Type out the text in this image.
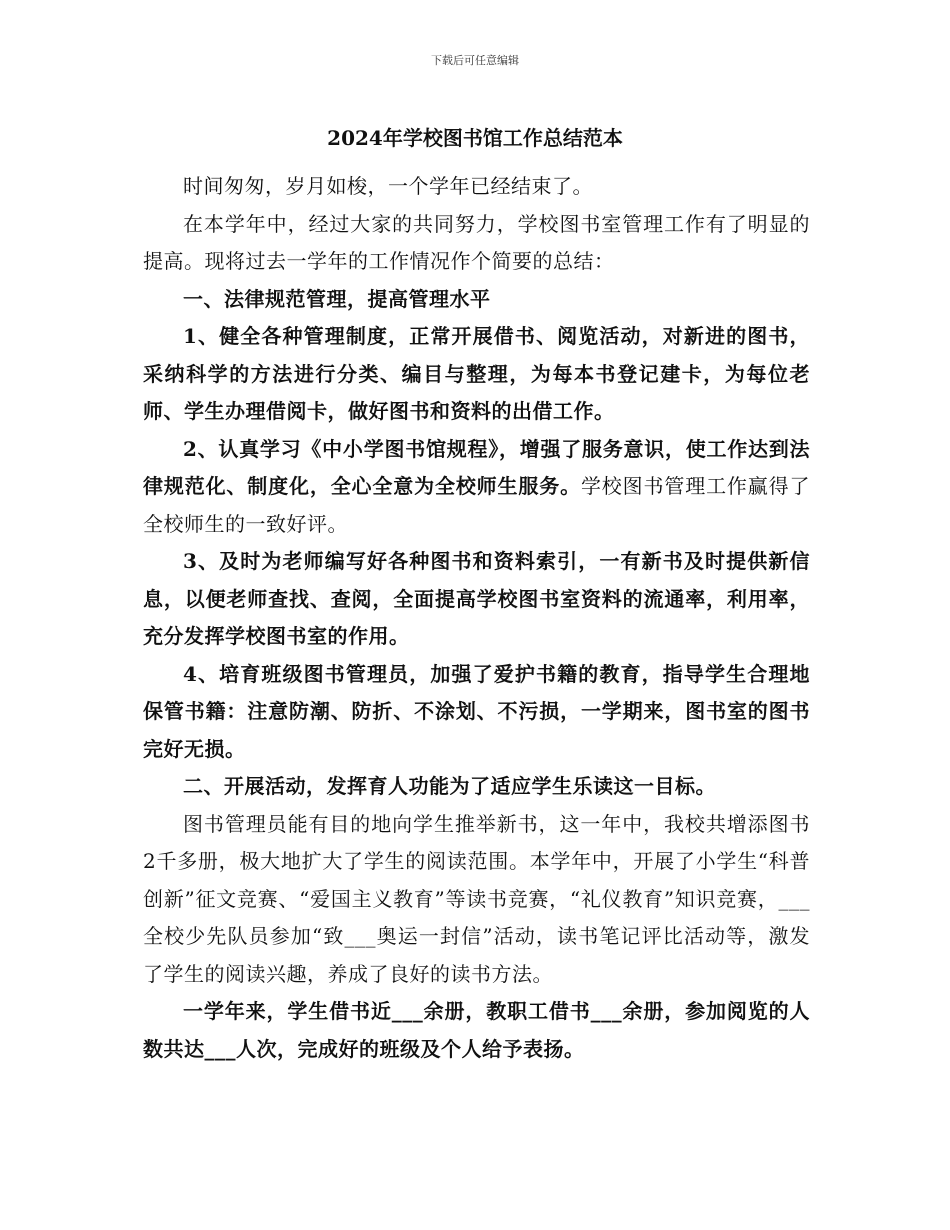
下载后可任意编辑
2024年学校图书馆工作总结范本

时间匆匆，岁月如梭，一个学年已经结束了。

在本学年中，经过大家的共同努力，学校图书室管理工作有了明显的提高。现将过去一学年的工作情况作个简要的总结：

一、法律规范管理，提高管理水平

1、健全各种管理制度，正常开展借书、阅览活动，对新进的图书，采纳科学的方法进行分类、编目与整理，为每本书登记建卡，为每位老师、学生办理借阅卡，做好图书和资料的出借工作。

2、认真学习《中小学图书馆规程》，增强了服务意识，使工作达到法律规范化、制度化，全心全意为全校师生服务。学校图书管理工作赢得了全校师生的一致好评。

3、及时为老师编写好各种图书和资料索引，一有新书及时提供新信息，以便老师查找、查阅，全面提高学校图书室资料的流通率，利用率，充分发挥学校图书室的作用。

4、培育班级图书管理员，加强了爱护书籍的教育，指导学生合理地保管书籍：注意防潮、防折、不涂划、不污损，一学期来，图书室的图书完好无损。

二、开展活动，发挥育人功能为了适应学生乐读这一目标。

图书管理员能有目的地向学生推举新书，这一年中，我校共增添图书2千多册，极大地扩大了学生的阅读范围。本学年中，开展了小学生“科普创新”征文竞赛、“爱国主义教育”等读书竞赛，“礼仪教育”知识竞赛，___全校少先队员参加“致___奥运一封信”活动，读书笔记评比活动等，激发了学生的阅读兴趣，养成了良好的读书方法。

一学年来，学生借书近___余册，教职工借书___余册，参加阅览的人数共达___人次，完成好的班级及个人给予表扬。
